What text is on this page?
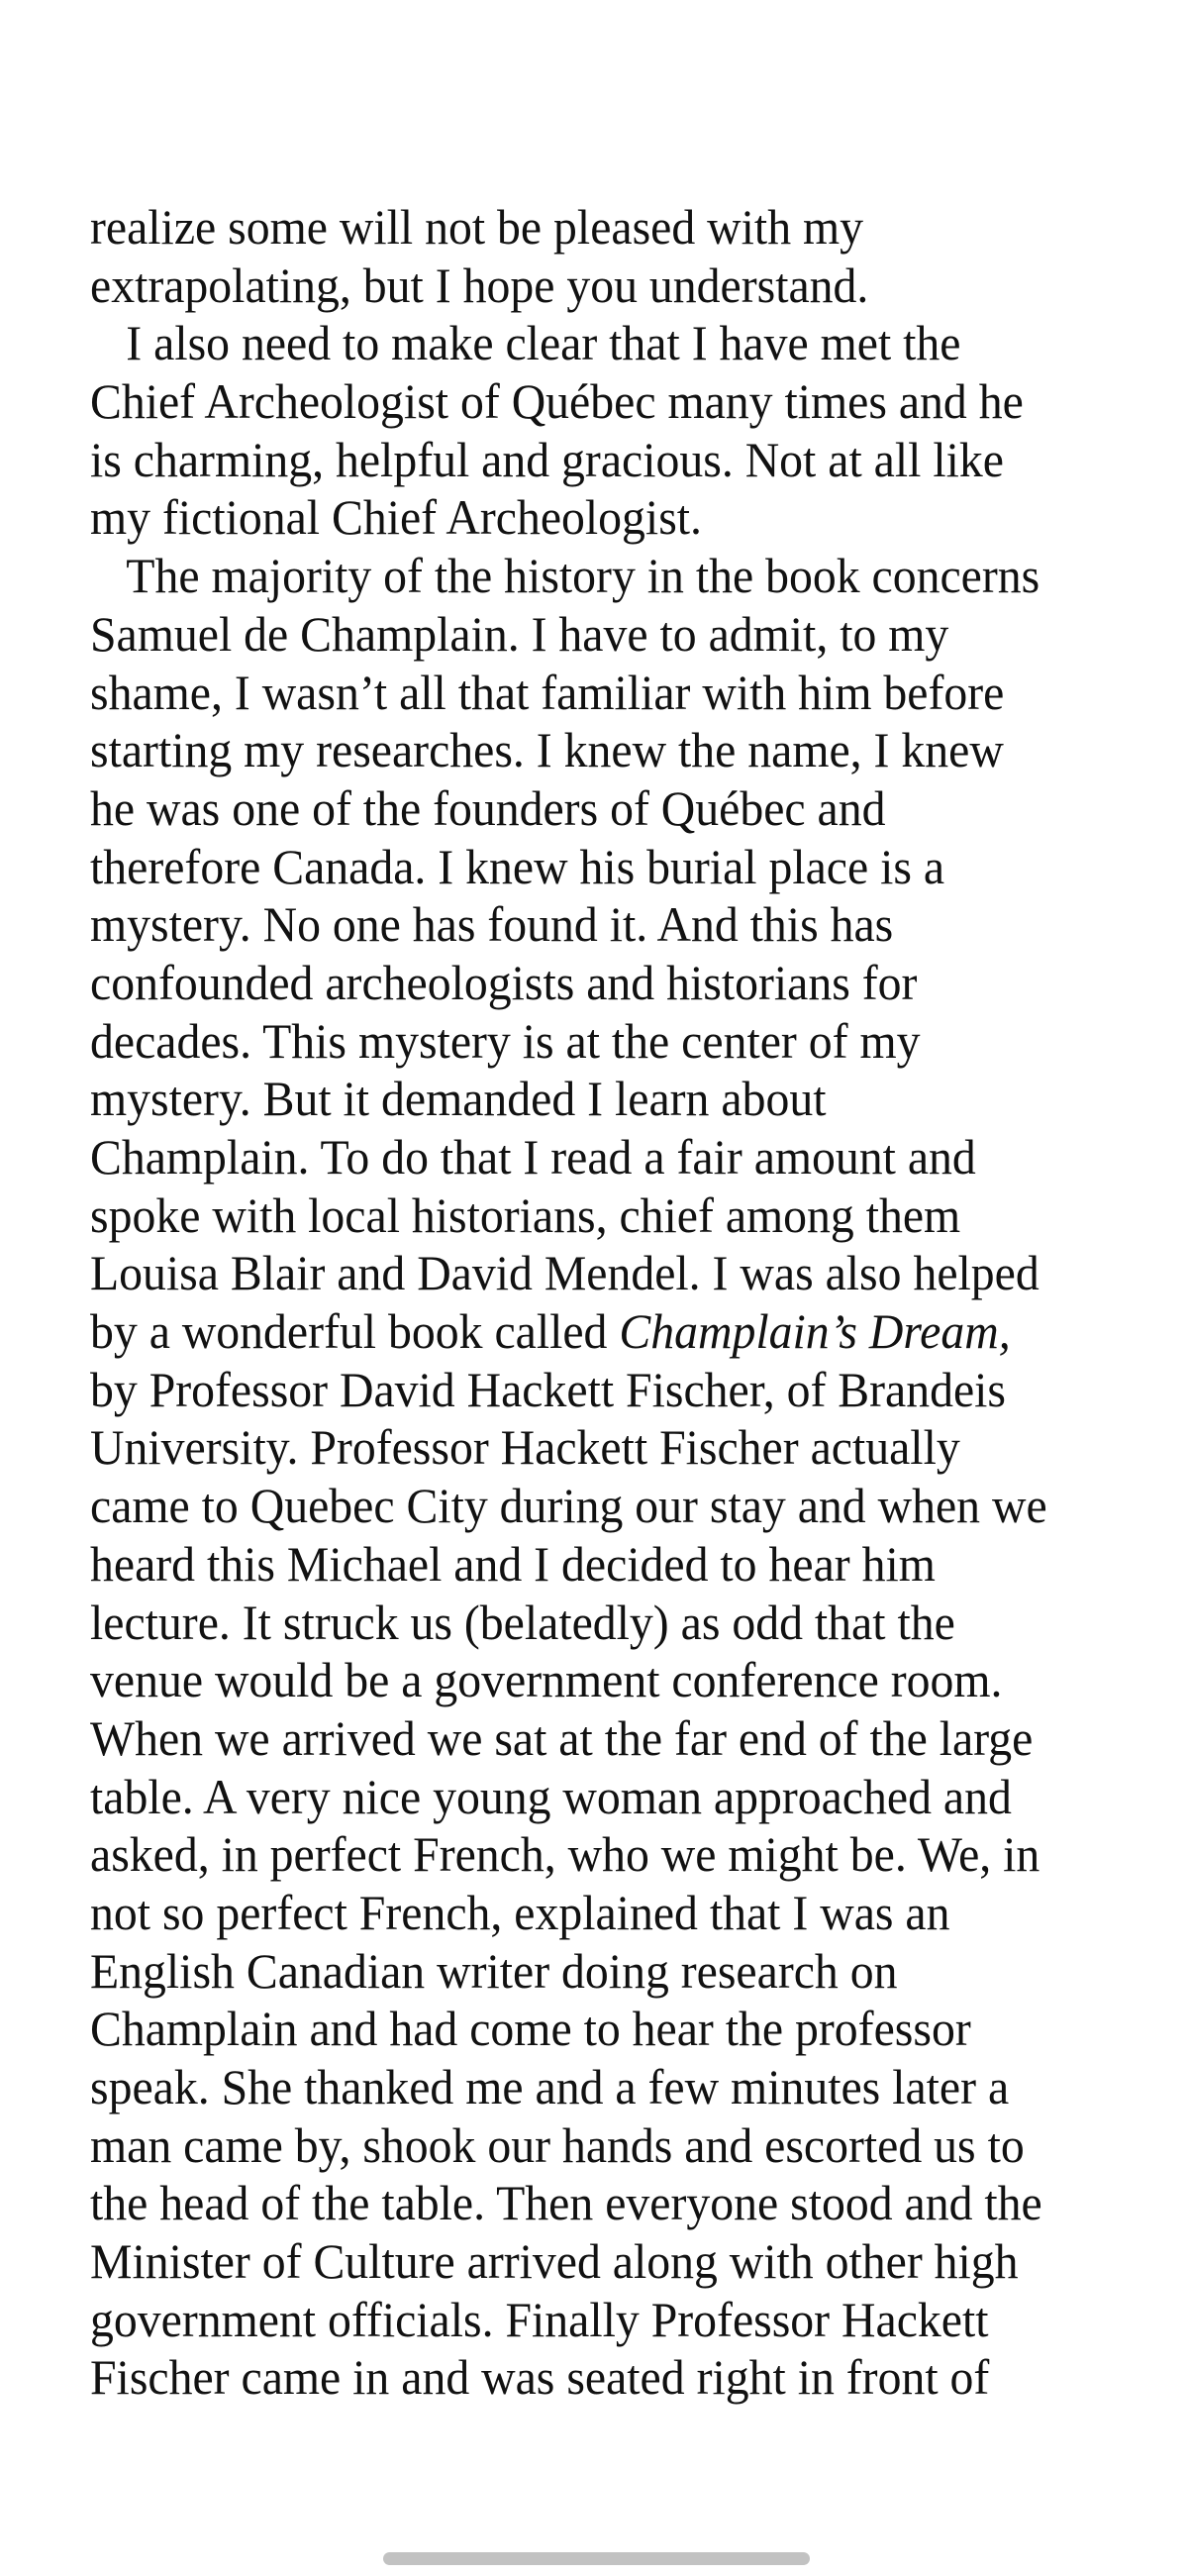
realize some will not be pleased with my
extrapolating, but I hope you understand.
I also need to make clear that I have met the
Chief Archeologist of Québec many times and he
is charming, helpful and gracious. Not at all like
my fictional Chief Archeologist.
The majority of the history in the book concerns
Samuel de Champlain. I have to admit, to my
shame, I wasn’t all that familiar with him before
starting my researches. I knew the name, I knew
he was one of the founders of Québec and
therefore Canada. I knew his burial place is a
mystery. No one has found it. And this has
confounded archeologists and historians for
decades. This mystery is at the center of my
mystery. But it demanded I learn about
Champlain. To do that I read a fair amount and
spoke with local historians, chief among them
Louisa Blair and David Mendel. I was also helped
by a wonderful book called Champlain’s Dream,
by Professor David Hackett Fischer, of Brandeis
University. Professor Hackett Fischer actually
came to Quebec City during our stay and when we
heard this Michael and I decided to hear him
lecture. It struck us (belatedly) as odd that the
venue would be a government conference room.
When we arrived we sat at the far end of the large
table. A very nice young woman approached and
asked, in perfect French, who we might be. We, in
not so perfect French, explained that I was an
English Canadian writer doing research on
Champlain and had come to hear the professor
speak. She thanked me and a few minutes later a
man came by, shook our hands and escorted us to
the head of the table. Then everyone stood and the
Minister of Culture arrived along with other high
government officials. Finally Professor Hackett
Fischer came in and was seated right in front of
